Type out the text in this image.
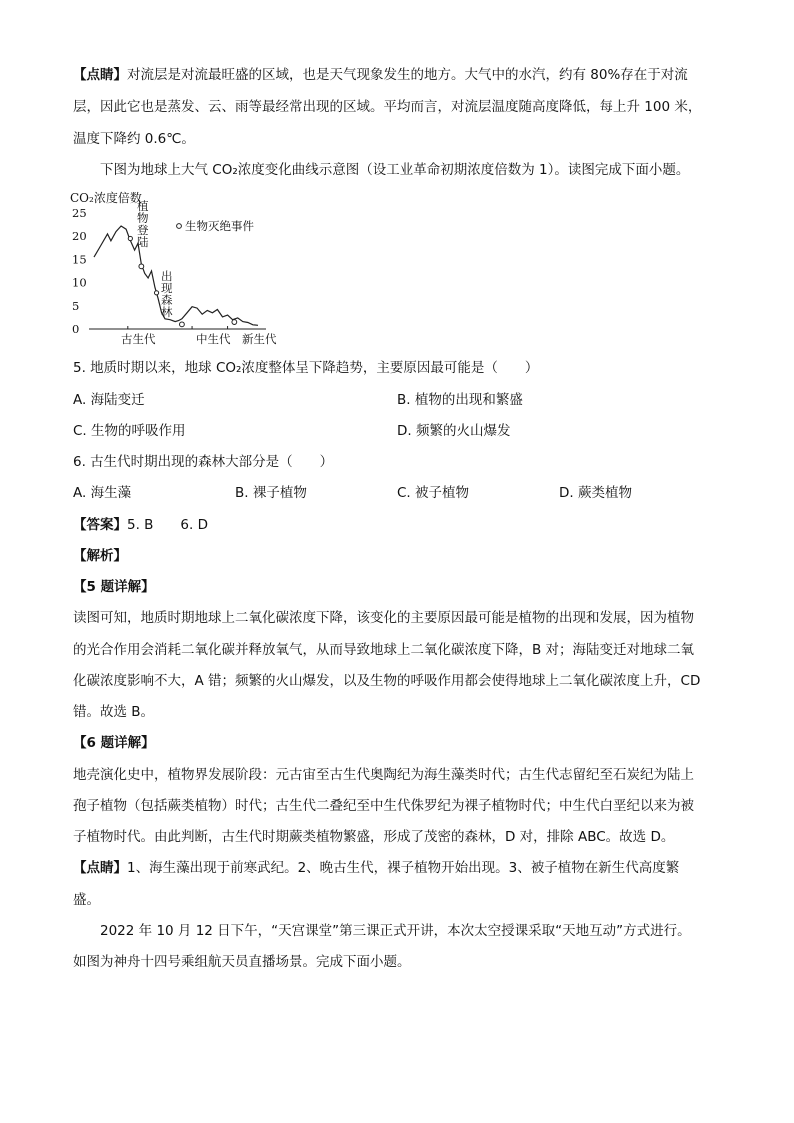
【点睛】对流层是对流最旺盛的区域，也是天气现象发生的地方。大气中的水汽，约有 80%存在于对流
层，因此它也是蒸发、云、雨等最经常出现的区域。平均而言，对流层温度随高度降低，每上升 100 米，
温度下降约 0.6℃。
下图为地球上大气 CO₂浓度变化曲线示意图（设工业革命初期浓度倍数为 1）。读图完成下面小题。
CO₂浓度倍数
25
20
15
10
5
0
生物灭绝事件
植
物
登
陆
出
现
森
林
古生代	中生代 新生代
5. 地质时期以来，地球 CO₂浓度整体呈下降趋势，主要原因最可能是（　　）
A. 海陆变迁	B. 植物的出现和繁盛
C. 生物的呼吸作用	D. 频繁的火山爆发
6. 古生代时期出现的森林大部分是（　　）
A. 海生藻	B. 裸子植物	C. 被子植物	D. 蕨类植物
【答案】5. B　　6. D
【解析】
【5 题详解】
读图可知，地质时期地球上二氧化碳浓度下降，该变化的主要原因最可能是植物的出现和发展，因为植物
的光合作用会消耗二氧化碳并释放氧气，从而导致地球上二氧化碳浓度下降，B 对；海陆变迁对地球二氧
化碳浓度影响不大，A 错；频繁的火山爆发，以及生物的呼吸作用都会使得地球上二氧化碳浓度上升，CD
错。故选 B。
【6 题详解】
地壳演化史中，植物界发展阶段：元古宙至古生代奥陶纪为海生藻类时代；古生代志留纪至石炭纪为陆上
孢子植物（包括蕨类植物）时代；古生代二叠纪至中生代侏罗纪为裸子植物时代；中生代白垩纪以来为被
子植物时代。由此判断，古生代时期蕨类植物繁盛，形成了茂密的森林，D 对，排除 ABC。故选 D。
【点睛】1、海生藻出现于前寒武纪。2、晚古生代，裸子植物开始出现。3、被子植物在新生代高度繁
盛。
2022 年 10 月 12 日下午，“天宫课堂”第三课正式开讲，本次太空授课采取“天地互动”方式进行。
如图为神舟十四号乘组航天员直播场景。完成下面小题。
